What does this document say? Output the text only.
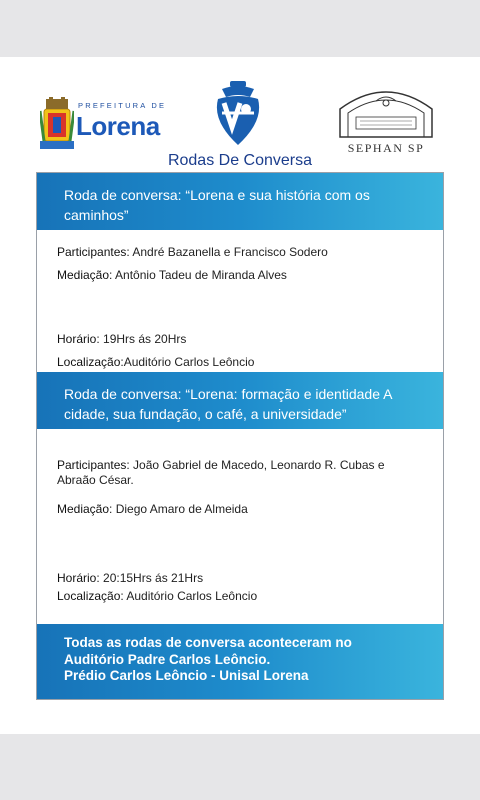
PREFEITURA DE
Lorena
SEPHAN SP
Rodas De Conversa
Roda de conversa: “Lorena e sua história com os caminhos”
Participantes: André Bazanella e Francisco Sodero
Mediação: Antônio Tadeu de Miranda Alves
Horário: 19Hrs ás 20Hrs
Localização:Auditório Carlos Leôncio
Roda de conversa: “Lorena: formação e identidade A cidade, sua fundação, o café, a universidade”
Participantes: João Gabriel de Macedo, Leonardo R. Cubas e Abraão César.
Mediação: Diego Amaro de Almeida
Horário: 20:15Hrs ás 21Hrs
Localização: Auditório Carlos Leôncio
Todas as rodas de conversa aconteceram no Auditório Padre Carlos Leôncio.
Prédio Carlos Leôncio - Unisal Lorena
